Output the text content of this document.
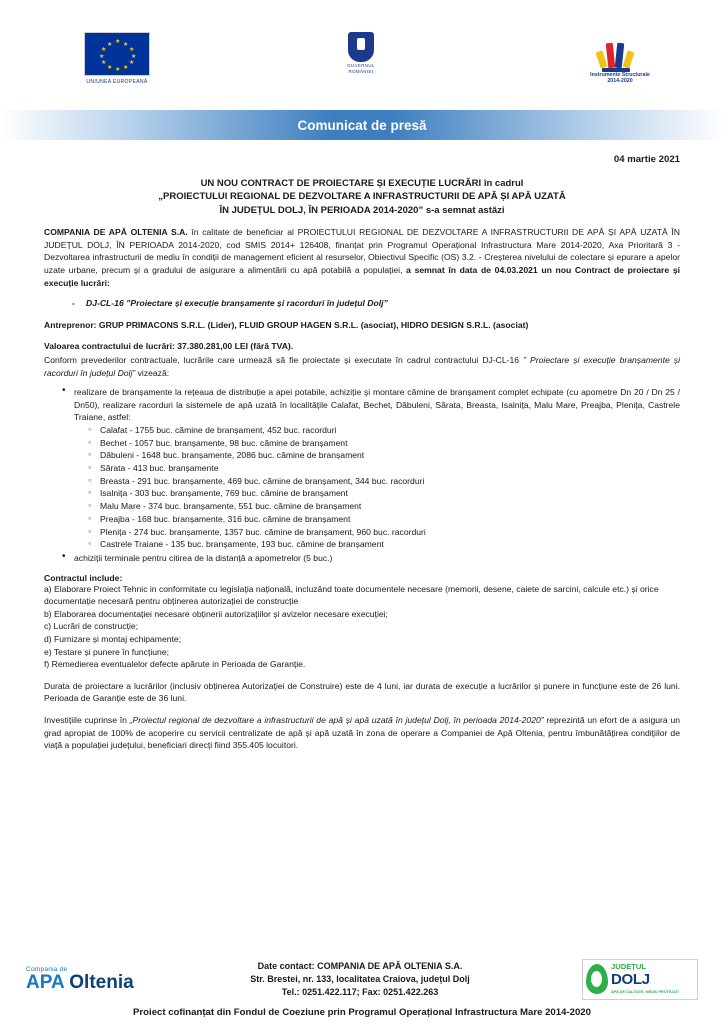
★ ★
★
★
★
★
★
★
★
★
★
★
UNIUNEA EUROPEANĂ
GUVERNUL
ROMÂNIEI
Instrumente Structurale
2014-2020
Comunicat de presă
04 martie 2021
UN NOU CONTRACT DE PROIECTARE ȘI EXECUȚIE LUCRĂRI în cadrul
„PROIECTULUI REGIONAL DE DEZVOLTARE A INFRASTRUCTURII DE APĂ ȘI APĂ UZATĂ
ÎN JUDEȚUL DOLJ, ÎN PERIOADA 2014-2020” s-a semnat astăzi

COMPANIA DE APĂ OLTENIA S.A. în calitate de beneficiar al PROIECTULUI REGIONAL DE DEZVOLTARE A INFRASTRUCTURII DE APĂ ȘI APĂ UZATĂ ÎN JUDEȚUL DOLJ, ÎN PERIOADA 2014-2020, cod SMIS 2014+ 126408, finanțat prin Programul Operațional Infrastructura Mare 2014-2020, Axa Prioritară 3 - Dezvoltarea infrastructurii de mediu în condiții de management eficient al resurselor, Obiectivul Specific (OS) 3.2. - Creșterea nivelului de colectare și epurare a apelor uzate urbane, precum și a gradului de asigurare a alimentării cu apă potabilă a populației, a semnat în data de 04.03.2021 un nou Contract de proiectare și execuție lucrări:

- DJ-CL-16 ”Proiectare și execuție branșamente și racorduri în județul Dolj”
Antreprenor: GRUP PRIMACONS S.R.L. (Lider), FLUID GROUP HAGEN S.R.L. (asociat), HIDRO DESIGN S.R.L. (asociat)
Valoarea contractului de lucrări: 37.380.281,00 LEI (fără TVA).

Conform prevederilor contractuale, lucrările care urmează să fie proiectate și executate în cadrul contractului DJ-CL-16 ” Proiectare și execuție branșamente și racorduri în județul Dolj” vizează:

• realizare de branșamente la rețeaua de distribuție a apei potabile, achiziție și montare cămine de branșament complet echipate (cu apometre Dn 20 / Dn 25 / Dn50), realizare racorduri la sistemele de apă uzată în localitățile Calafat, Bechet, Dăbuleni, Sărata, Breasta, Isalnița, Malu Mare, Preajba, Plenița, Castrele Traiane, astfel:
○ Calafat - 1755 buc. cămine de branșament, 452 buc. racorduri
○ Bechet - 1057 buc. branșamente, 98 buc. cămine de branșament
○ Dăbuleni - 1648 buc. branșamente, 2086 buc. cămine de branșament
○ Sărata - 413 buc. branșamente
○ Breasta - 291 buc. branșamente, 469 buc. cămine de branșament, 344 buc. racorduri
○ Isalnița - 303 buc. branșamente, 769 buc. cămine de branșament
○ Malu Mare - 374 buc. branșamente, 551 buc. cămine de branșament
○ Preajba - 168 buc. branșamente, 316 buc. cămine de branșament
○ Plenița - 274 buc. branșamente, 1357 buc. cămine de branșament, 960 buc. racorduri
○ Castrele Traiane - 135 buc. branșamente, 193 buc. cămine de branșament
• achiziții terminale pentru citirea de la distanță a apometrelor (5 buc.)
Contractul include:
a) Elaborare Proiect Tehnic in conformitate cu legislația națională, incluzând toate documentele necesare (memorii, desene, caiete de sarcini, calcule etc.) și orice documentație necesară pentru obținerea autorizației de construcție
b) Elaborarea documentației necesare obținerii autorizațiilor și avizelor necesare execuției;
c) Lucrări de construcție;
d) Furnizare și montaj echipamente;
e) Testare și punere în funcțiune;
f) Remedierea eventualelor defecte apărute in Perioada de Garanție.

Durata de proiectare a lucrărilor (inclusiv obținerea Autorizației de Construire) este de 4 luni, iar durata de execuție a lucrărilor și punere in funcțiune este de 26 luni. Perioada de Garanție este de 36 luni.

Investițiile cuprinse în „Proiectul regional de dezvoltare a infrastructurii de apă și apă uzată în județul Dolj, în perioada 2014-2020” reprezintă un efort de a asigura un grad apropiat de 100% de acoperire cu servicii centralizate de apă și apă uzată în zona de operare a Companiei de Apă Oltenia, pentru îmbunătățirea condițiilor de viață a populației județului, beneficiari direcți fiind 355.405 locuitori.

Compania de
APA Oltenia
Date contact: COMPANIA DE APĂ OLTENIA S.A.
Str. Brestei, nr. 133, localitatea Craiova, județul Dolj
Tel.: 0251.422.117; Fax: 0251.422.263
JUDEȚUL
DOLJ
APĂ DE CALITATE, MEDIU PROTEJAT!
Proiect cofinanțat din Fondul de Coeziune prin Programul Operațional Infrastructura Mare 2014-2020
